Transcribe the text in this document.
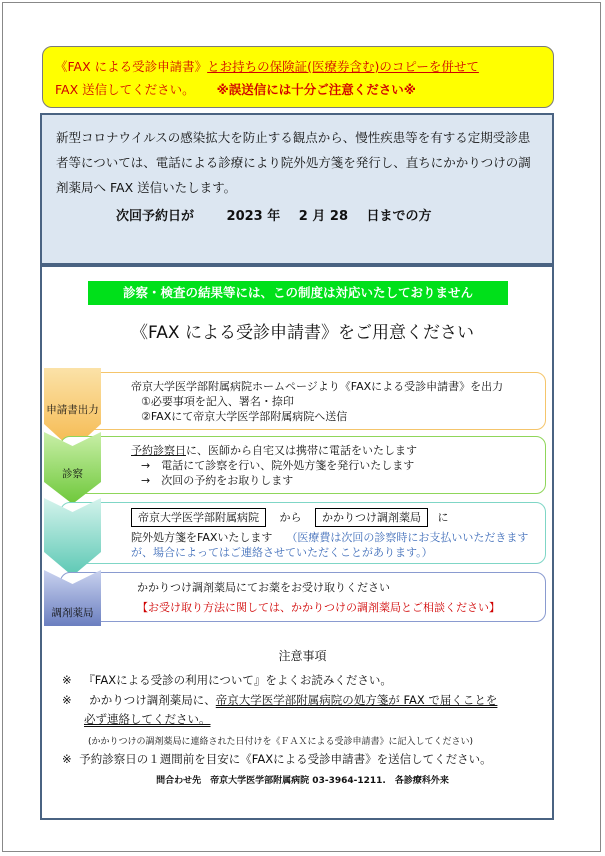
《FAX による受診申請書》とお持ちの保険証(医療券含む)のコピーを併せて
FAX 送信してください。 ※誤送信には十分ご注意ください※
新型コロナウイルスの感染拡大を防止する観点から、慢性疾患等を有する定期受診患者等については、電話による診療により院外処方箋を発行し、直ちにかかりつけの調剤薬局へ FAX 送信いたします。
次回予約日が	2023 年 2 月 28 日までの方
診察・検査の結果等には、この制度は対応いたしておりません
《FAX による受診申請書》をご用意ください
帝京大学医学部附属病院ホームページより《FAXによる受診申請書》を出力
①必要事項を記入、署名・捺印
②FAXにて帝京大学医学部附属病院へ送信
申請書出力
予約診察日に、医師から自宅又は携帯に電話をいたします
→　電話にて診察を行い、院外処方箋を発行いたします
→　次回の予約をお取りします
診察
帝京大学医学部附属病院 から かかりつけ調剤薬局 に
院外処方箋をFAXいたします （医療費は次回の診察時にお支払いいただきますが、場合によってはご連絡させていただくことがあります。）
かかりつけ調剤薬局にてお薬をお受け取りください
【お受け取り方法に関しては、かかりつけの調剤薬局とご相談ください】
調剤薬局
注意事項
※ 『FAXによる受診の利用について』をよくお読みください。
※ かかりつけ調剤薬局に、帝京大学医学部附属病院の処方箋が FAX で届くことを
必ず連絡してください。
(かかりつけの調剤薬局に連絡された日付けを《ＦＡＸによる受診申請書》に記入してください)
※ 予約診察日の１週間前を目安に《FAXによる受診申請書》を送信してください。
問合わせ先　帝京大学医学部附属病院 03-3964-1211.　各診療科外来
